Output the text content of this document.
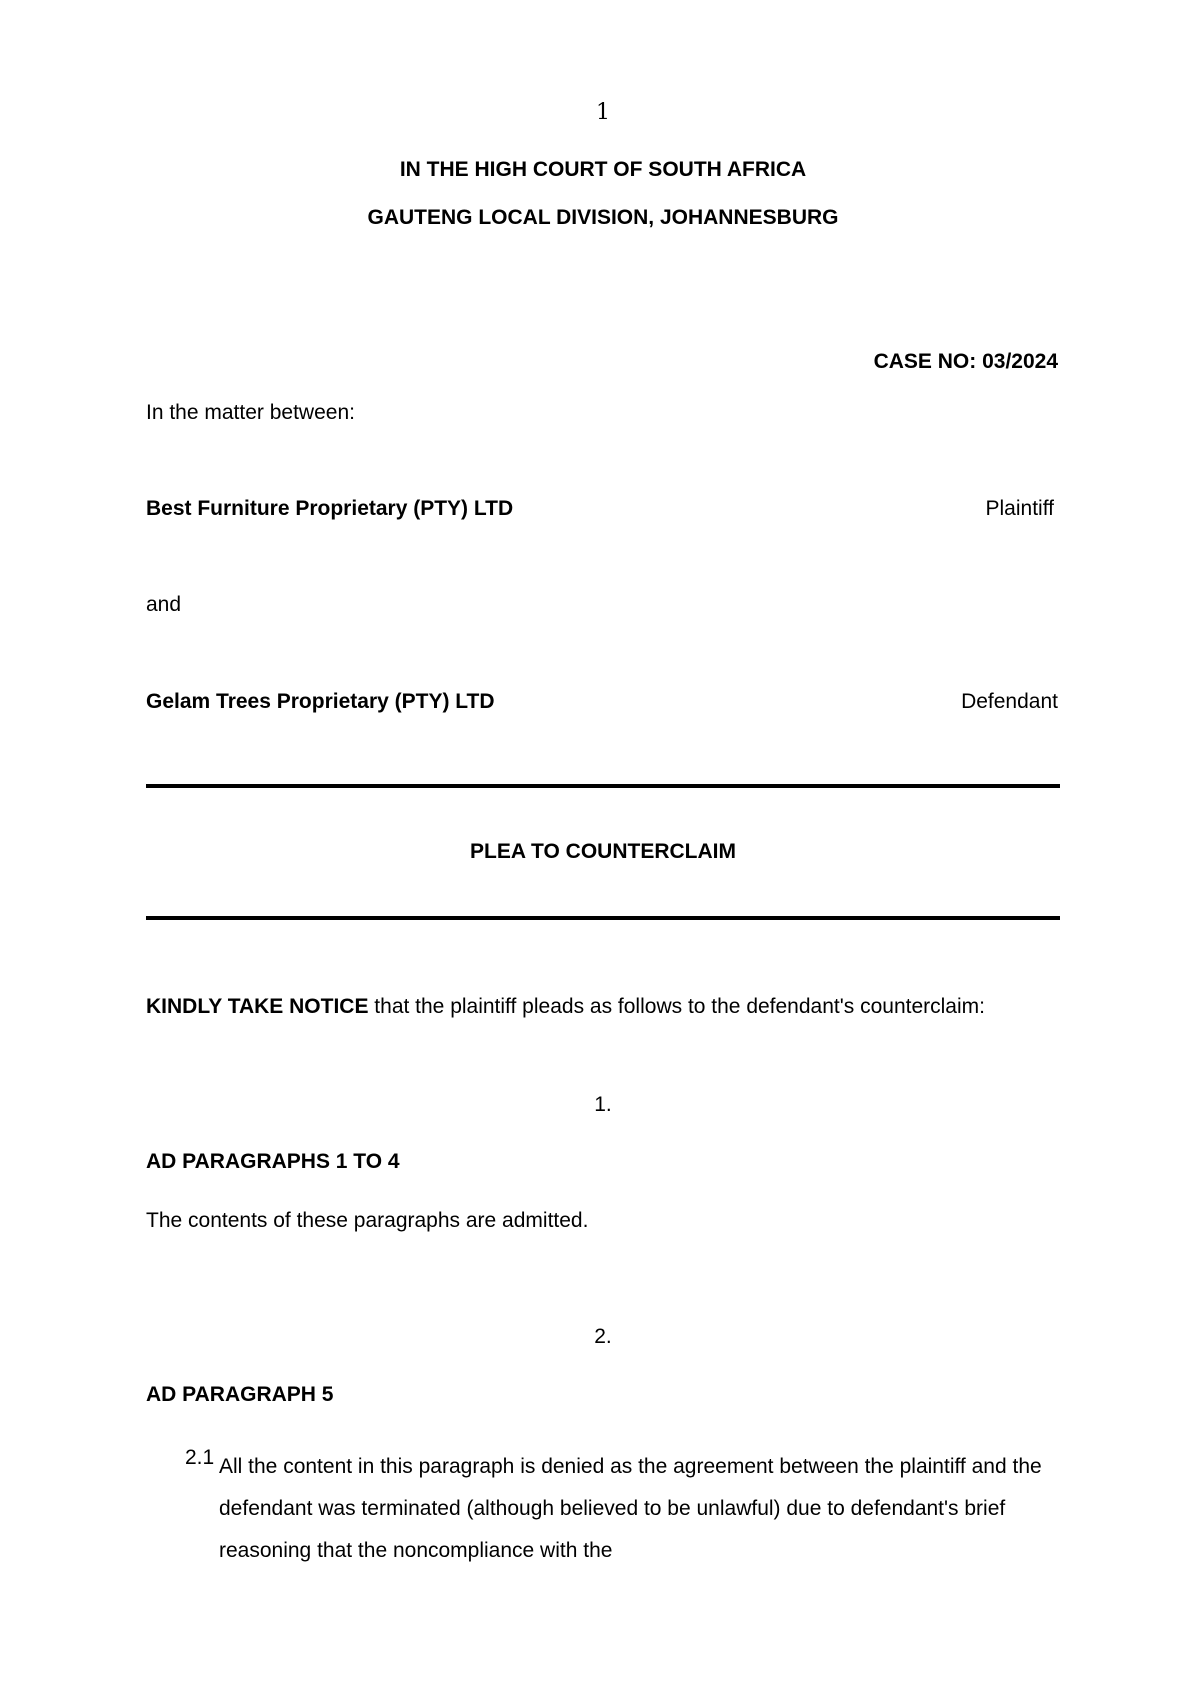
1
IN THE HIGH COURT OF SOUTH AFRICA
GAUTENG LOCAL DIVISION, JOHANNESBURG
CASE NO: 03/2024
In the matter between:
Best Furniture Proprietary (PTY) LTD	Plaintiff
and
Gelam Trees Proprietary (PTY) LTD	Defendant
PLEA TO COUNTERCLAIM
KINDLY TAKE NOTICE that the plaintiff pleads as follows to the defendant's counterclaim:
1.
AD PARAGRAPHS 1 TO 4
The contents of these paragraphs are admitted.
2.
AD PARAGRAPH 5
2.1 All the content in this paragraph is denied as the agreement between the plaintiff and the defendant was terminated (although believed to be unlawful) due to defendant's brief reasoning that the noncompliance with the
